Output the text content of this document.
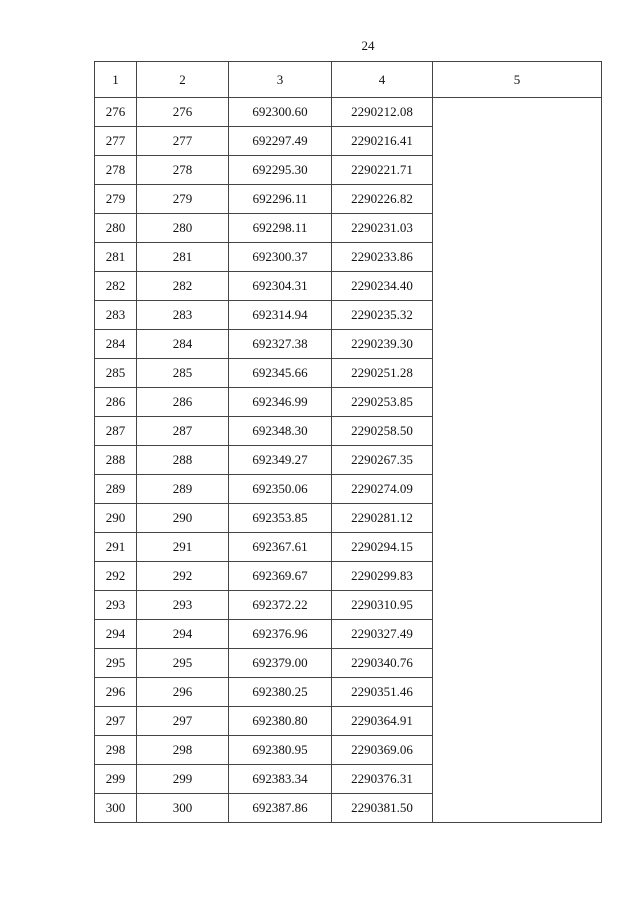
24
1	2	3	4	5
276	276	692300.60	2290212.08	
277	277	692297.49	2290216.41	
278	278	692295.30	2290221.71	
279	279	692296.11	2290226.82	
280	280	692298.11	2290231.03	
281	281	692300.37	2290233.86	
282	282	692304.31	2290234.40	
283	283	692314.94	2290235.32	
284	284	692327.38	2290239.30	
285	285	692345.66	2290251.28	
286	286	692346.99	2290253.85	
287	287	692348.30	2290258.50	
288	288	692349.27	2290267.35	
289	289	692350.06	2290274.09	
290	290	692353.85	2290281.12	
291	291	692367.61	2290294.15	
292	292	692369.67	2290299.83	
293	293	692372.22	2290310.95	
294	294	692376.96	2290327.49	
295	295	692379.00	2290340.76	
296	296	692380.25	2290351.46	
297	297	692380.80	2290364.91	
298	298	692380.95	2290369.06	
299	299	692383.34	2290376.31	
300	300	692387.86	2290381.50	
